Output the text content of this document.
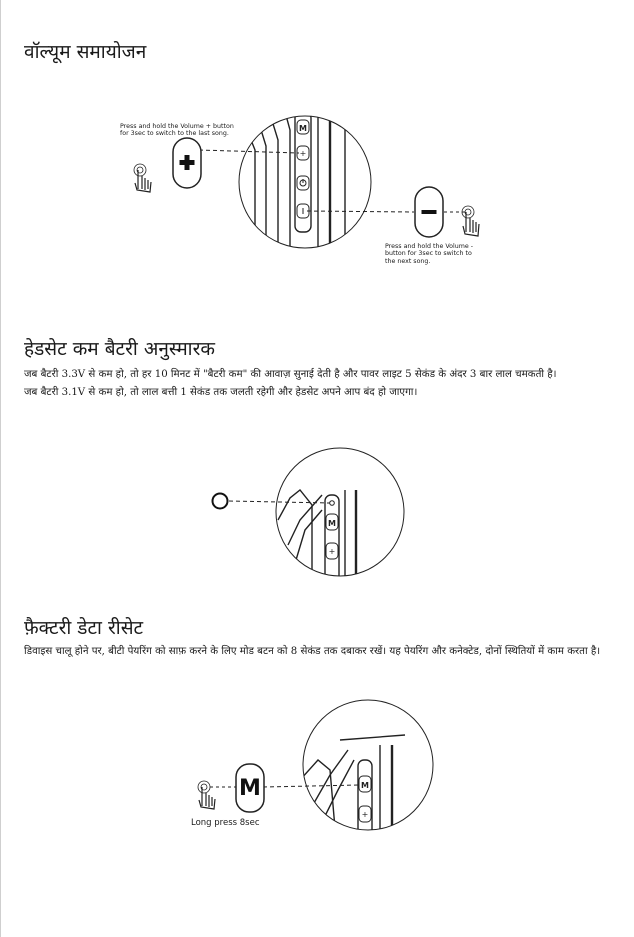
वॉल्यूम समायोजन
Press and hold the Volume + button
for 3sec to switch to the last song.
Press and hold the Volume -
button for 3sec to switch to
the next song.
M
+
M
+
M
+
M
हेडसेट कम बैटरी अनुस्मारक

जब बैटरी 3.3V से कम हो, तो हर 10 मिनट में "बैटरी कम" की आवाज़ सुनाई देती है और पावर लाइट 5 सेकंड के अंदर 3 बार लाल चमकती है।

जब बैटरी 3.1V से कम हो, तो लाल बत्ती 1 सेकंड तक जलती रहेगी और हेडसेट अपने आप बंद हो जाएगा।

फ़ैक्टरी डेटा रीसेट

डिवाइस चालू होने पर, बीटी पेयरिंग को साफ़ करने के लिए मोड बटन को 8 सेकंड तक दबाकर रखें। यह पेयरिंग और कनेक्टेड, दोनों स्थितियों में काम करता है।

Long press 8sec
